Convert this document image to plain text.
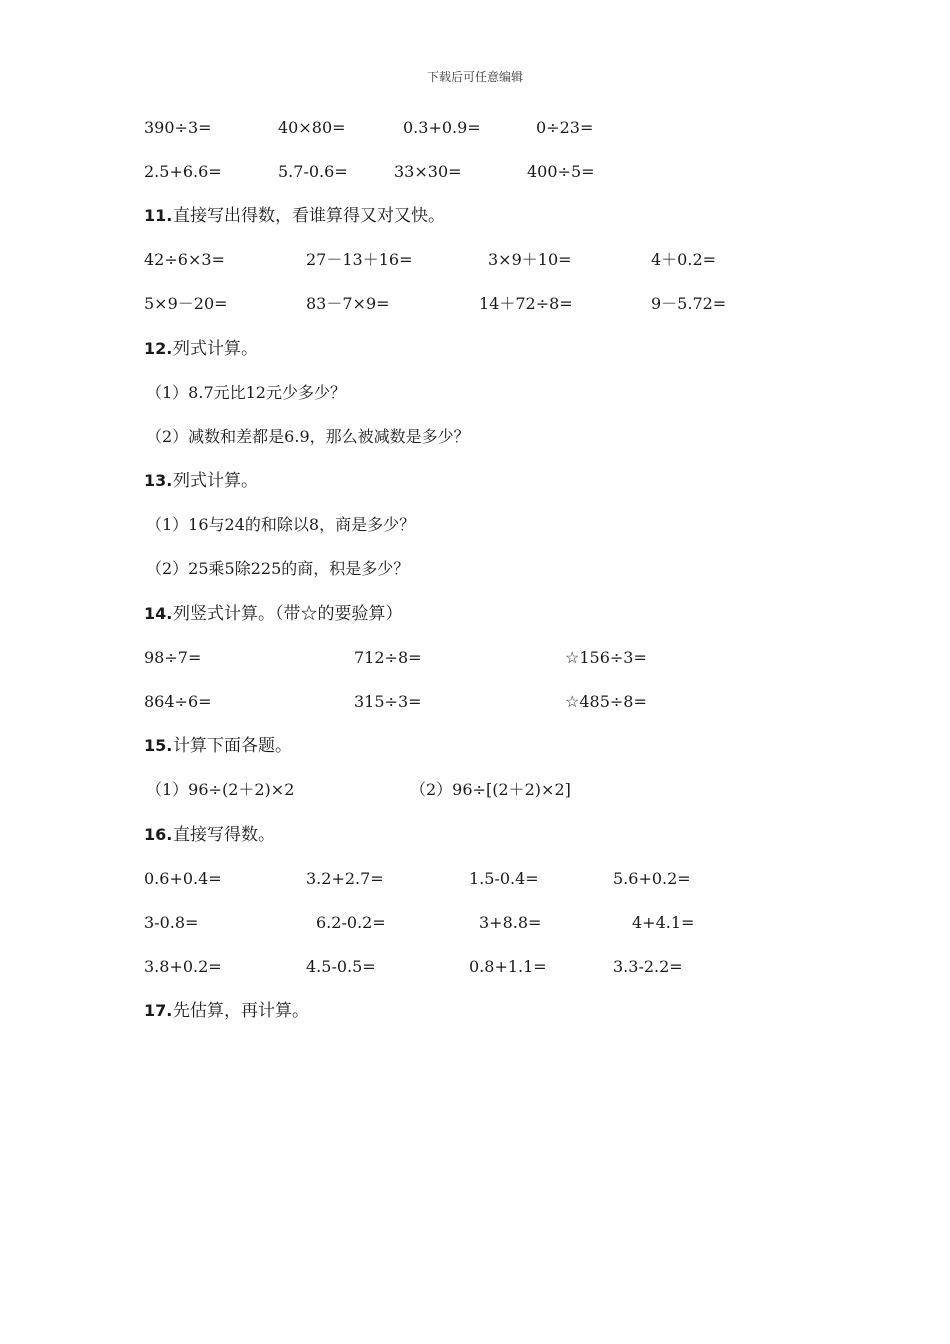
下载后可任意编辑
390÷3=	40×80=	0.3+0.9=	0÷23=
2.5+6.6=	5.7-0.6=	33×30=	400÷5=
11. 直接写出得数，看谁算得又对又快。
42÷6×3=	27－13＋16=	3×9＋10=	4＋0.2=
5×9－20=	83－7×9=	14＋72÷8=	9－5.72=
12. 列式计算。
（1）8.7元比12元少多少？
（2）减数和差都是6.9，那么被减数是多少？
13. 列式计算。
（1）16与24的和除以8，商是多少？
（2）25乘5除225的商，积是多少？
14. 列竖式计算。（带☆的要验算）
98÷7=	712÷8=	☆156÷3=
864÷6=	315÷3=	☆485÷8=
15. 计算下面各题。
（1）96÷(2＋2)×2	（2）96÷[(2＋2)×2]
16. 直接写得数。
0.6+0.4=	3.2+2.7=	1.5-0.4=	5.6+0.2=
3-0.8=	6.2-0.2=	3+8.8=	4+4.1=
3.8+0.2=	4.5-0.5=	0.8+1.1=	3.3-2.2=
17. 先估算，再计算。
